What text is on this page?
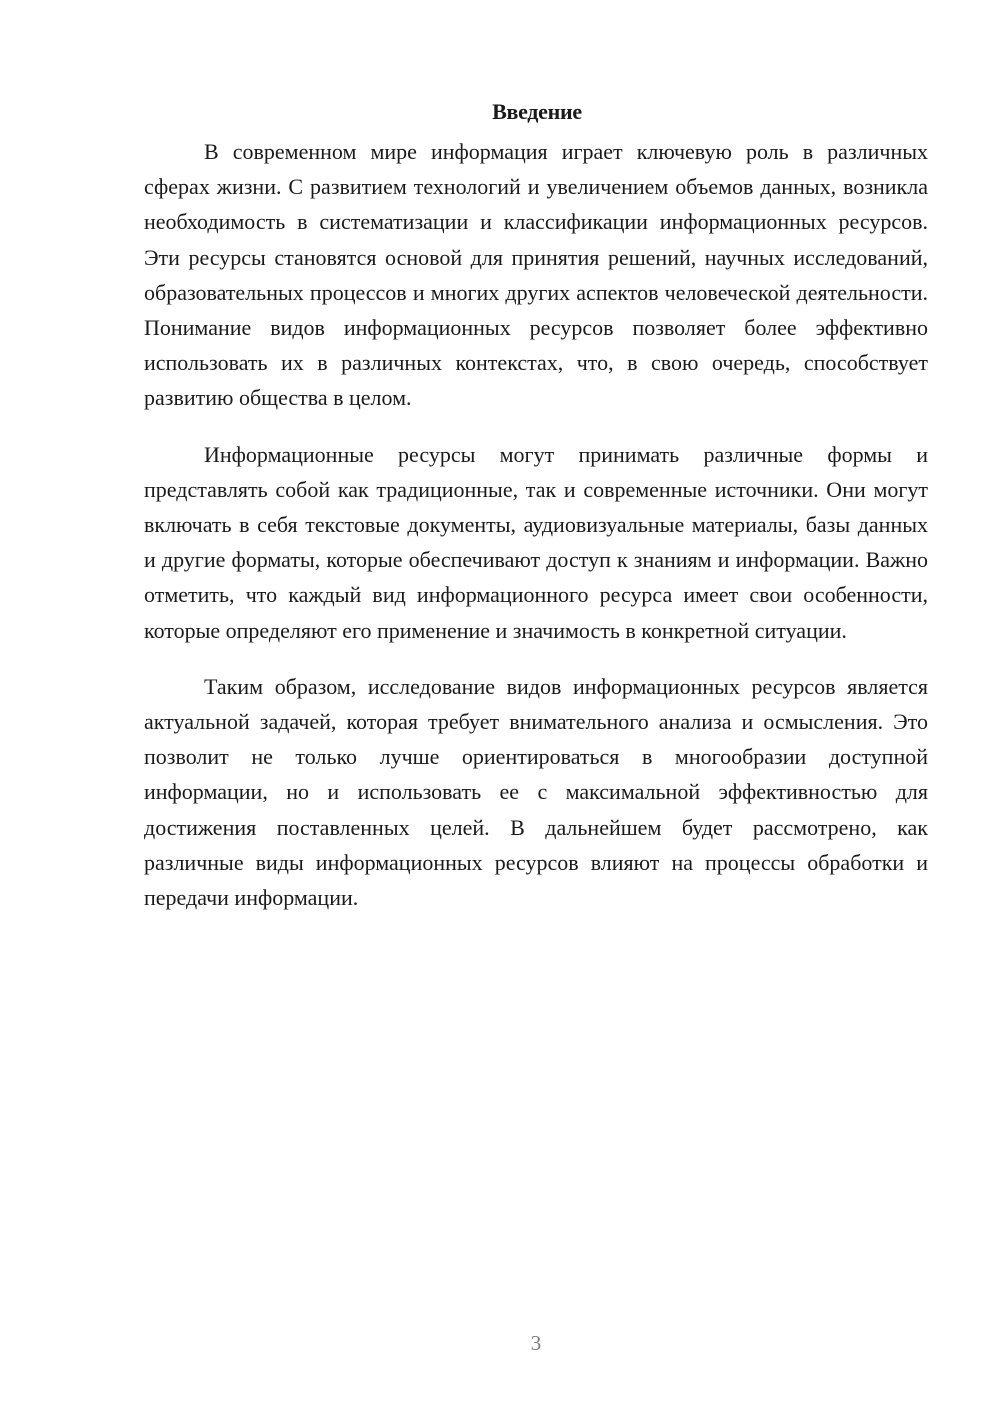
Введение

В современном мире информация играет ключевую роль в различных сферах жизни. С развитием технологий и увеличением объемов данных, возникла необходимость в систематизации и классификации информационных ресурсов. Эти ресурсы становятся основой для принятия решений, научных исследований, образовательных процессов и многих других аспектов человеческой деятельности. Понимание видов информационных ресурсов позволяет более эффективно использовать их в различных контекстах, что, в свою очередь, способствует развитию общества в целом.

Информационные ресурсы могут принимать различные формы и представлять собой как традиционные, так и современные источники. Они могут включать в себя текстовые документы, аудиовизуальные материалы, базы данных и другие форматы, которые обеспечивают доступ к знаниям и информации. Важно отметить, что каждый вид информационного ресурса имеет свои особенности, которые определяют его применение и значимость в конкретной ситуации.

Таким образом, исследование видов информационных ресурсов является актуальной задачей, которая требует внимательного анализа и осмысления. Это позволит не только лучше ориентироваться в многообразии доступной информации, но и использовать ее с максимальной эффективностью для достижения поставленных целей. В дальнейшем будет рассмотрено, как различные виды информационных ресурсов влияют на процессы обработки и передачи информации.

3
